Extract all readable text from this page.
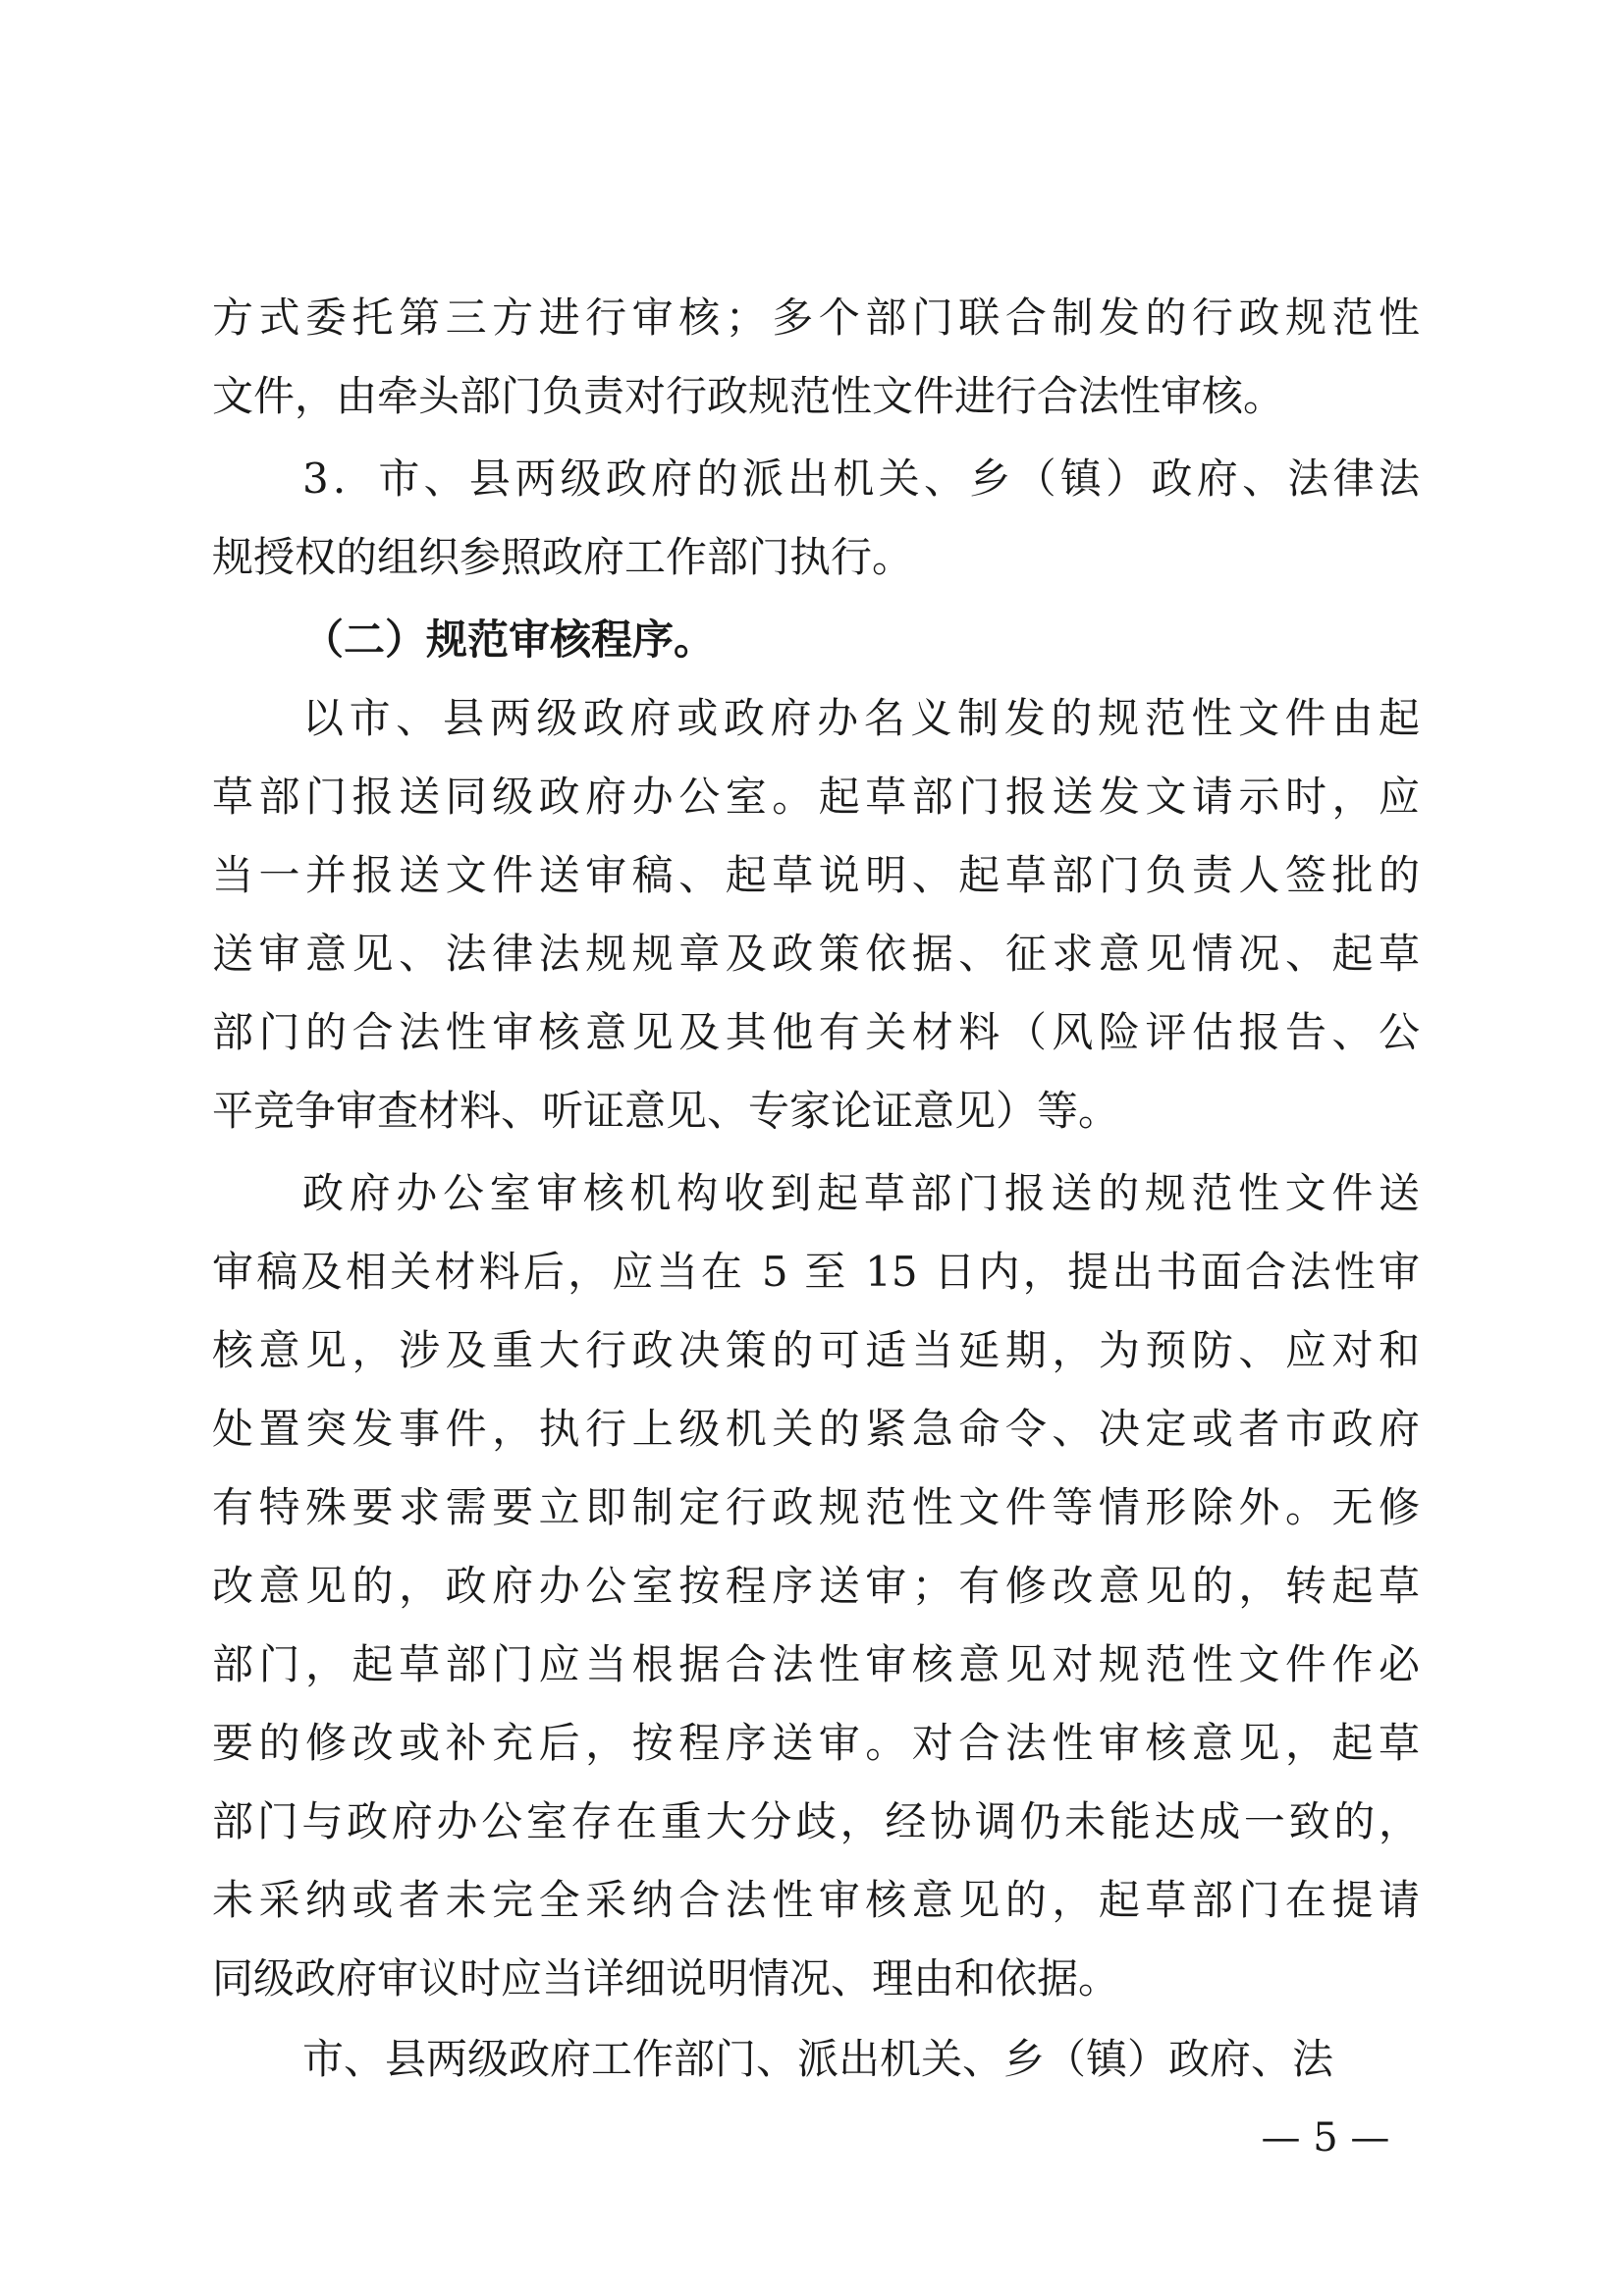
方式委托第三方进行审核；多个部门联合制发的行政规范性
文件，由牵头部门负责对行政规范性文件进行合法性审核。
3．市、县两级政府的派出机关、乡（镇）政府、法律法
规授权的组织参照政府工作部门执行。
（二）规范审核程序。
以市、县两级政府或政府办名义制发的规范性文件由起
草部门报送同级政府办公室。起草部门报送发文请示时，应
当一并报送文件送审稿、起草说明、起草部门负责人签批的
送审意见、法律法规规章及政策依据、征求意见情况、起草
部门的合法性审核意见及其他有关材料（风险评估报告、公
平竞争审查材料、听证意见、专家论证意见）等。
政府办公室审核机构收到起草部门报送的规范性文件送
审稿及相关材料后，应当在 5 至 15 日内，提出书面合法性审
核意见，涉及重大行政决策的可适当延期，为预防、应对和
处置突发事件，执行上级机关的紧急命令、决定或者市政府
有特殊要求需要立即制定行政规范性文件等情形除外。无修
改意见的，政府办公室按程序送审；有修改意见的，转起草
部门，起草部门应当根据合法性审核意见对规范性文件作必
要的修改或补充后，按程序送审。对合法性审核意见，起草
部门与政府办公室存在重大分歧，经协调仍未能达成一致的，
未采纳或者未完全采纳合法性审核意见的，起草部门在提请
同级政府审议时应当详细说明情况、理由和依据。
市、县两级政府工作部门、派出机关、乡（镇）政府、法
— 5 —
